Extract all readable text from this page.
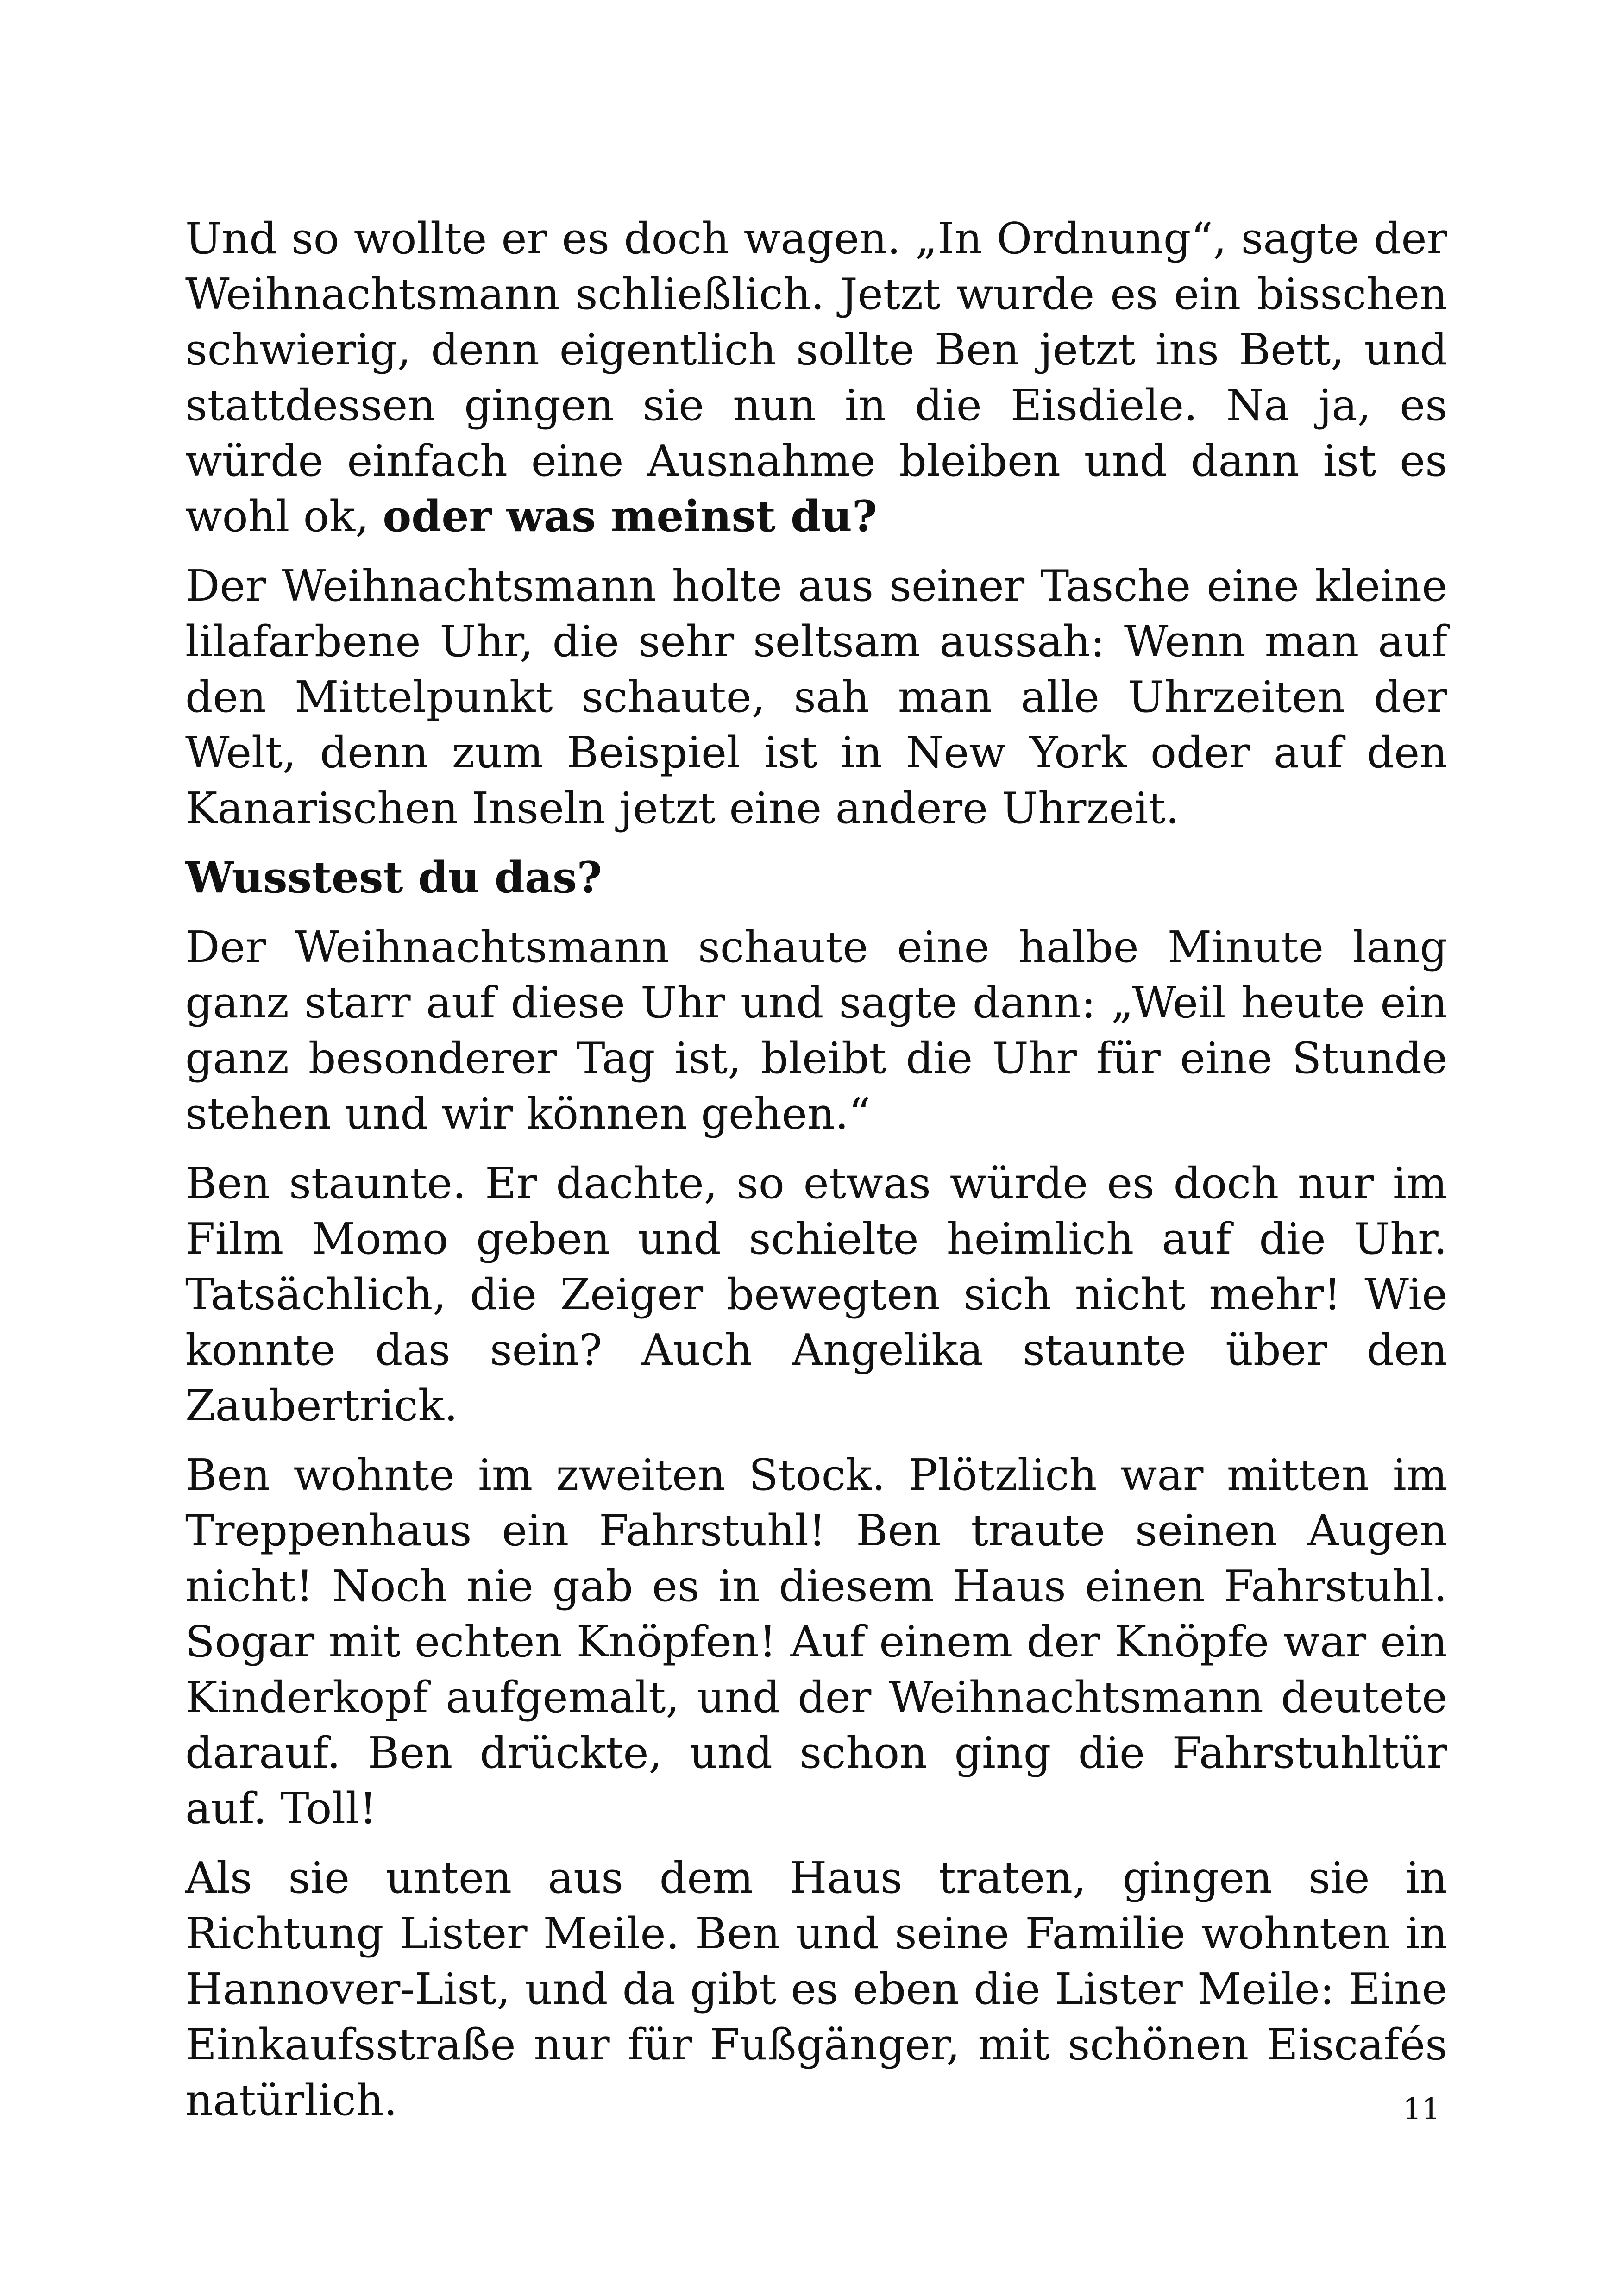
Und so wollte er es doch wagen. „In Ordnung“, sagte der Weihnachtsmann schließlich. Jetzt wurde es ein bisschen schwierig, denn eigentlich sollte Ben jetzt ins Bett, und stattdessen gingen sie nun in die Eisdiele. Na ja, es würde einfach eine Ausnahme bleiben und dann ist es wohl ok, oder was meinst du?

Der Weihnachtsmann holte aus seiner Tasche eine kleine lilafarbene Uhr, die sehr seltsam aussah: Wenn man auf den Mittelpunkt schaute, sah man alle Uhrzeiten der Welt, denn zum Beispiel ist in New York oder auf den Kanarischen Inseln jetzt eine andere Uhrzeit.

Wusstest du das?

Der Weihnachtsmann schaute eine halbe Minute lang ganz starr auf diese Uhr und sagte dann: „Weil heute ein ganz besonderer Tag ist, bleibt die Uhr für eine Stunde stehen und wir können gehen.“

Ben staunte. Er dachte, so etwas würde es doch nur im Film Momo geben und schielte heimlich auf die Uhr. Tatsächlich, die Zeiger bewegten sich nicht mehr! Wie konnte das sein? Auch Angelika staunte über den Zaubertrick.

Ben wohnte im zweiten Stock. Plötzlich war mitten im Treppenhaus ein Fahrstuhl! Ben traute seinen Augen nicht! Noch nie gab es in diesem Haus einen Fahrstuhl. Sogar mit echten Knöpfen! Auf einem der Knöpfe war ein Kinderkopf aufgemalt, und der Weihnachtsmann deutete darauf. Ben drückte, und schon ging die Fahrstuhltür auf. Toll!

Als sie unten aus dem Haus traten, gingen sie in Richtung Lister Meile. Ben und seine Familie wohnten in Hannover-List, und da gibt es eben die Lister Meile: Eine Einkaufsstraße nur für Fußgänger, mit schönen Eiscafés natürlich.	11
